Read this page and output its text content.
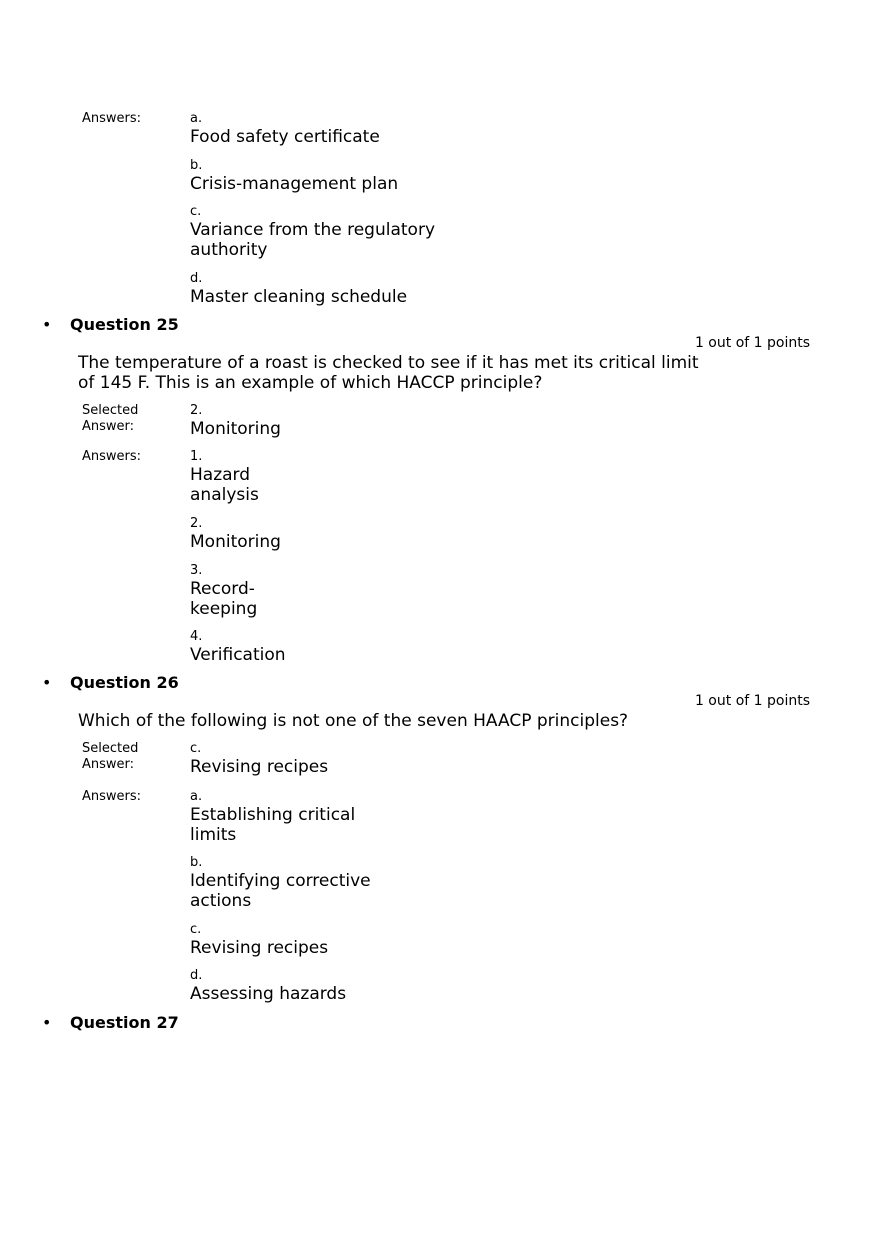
Answers:	a.
Food safety certificate
b.
Crisis-management plan
c.
Variance from the regulatory
authority
d.
Master cleaning schedule
• Question 25
1 out of 1 points
The temperature of a roast is checked to see if it has met its critical limit
of 145 F. This is an example of which HACCP principle?
Selected
Answer:
2.
Monitoring
Answers:	1.
Hazard
analysis
2.
Monitoring
3.
Record-
keeping
4.
Verification
• Question 26
1 out of 1 points
Which of the following is not one of the seven HAACP principles?
Selected
Answer:
c.
Revising recipes
Answers:	a.
Establishing critical
limits
b.
Identifying corrective
actions
c.
Revising recipes
d.
Assessing hazards
• Question 27
